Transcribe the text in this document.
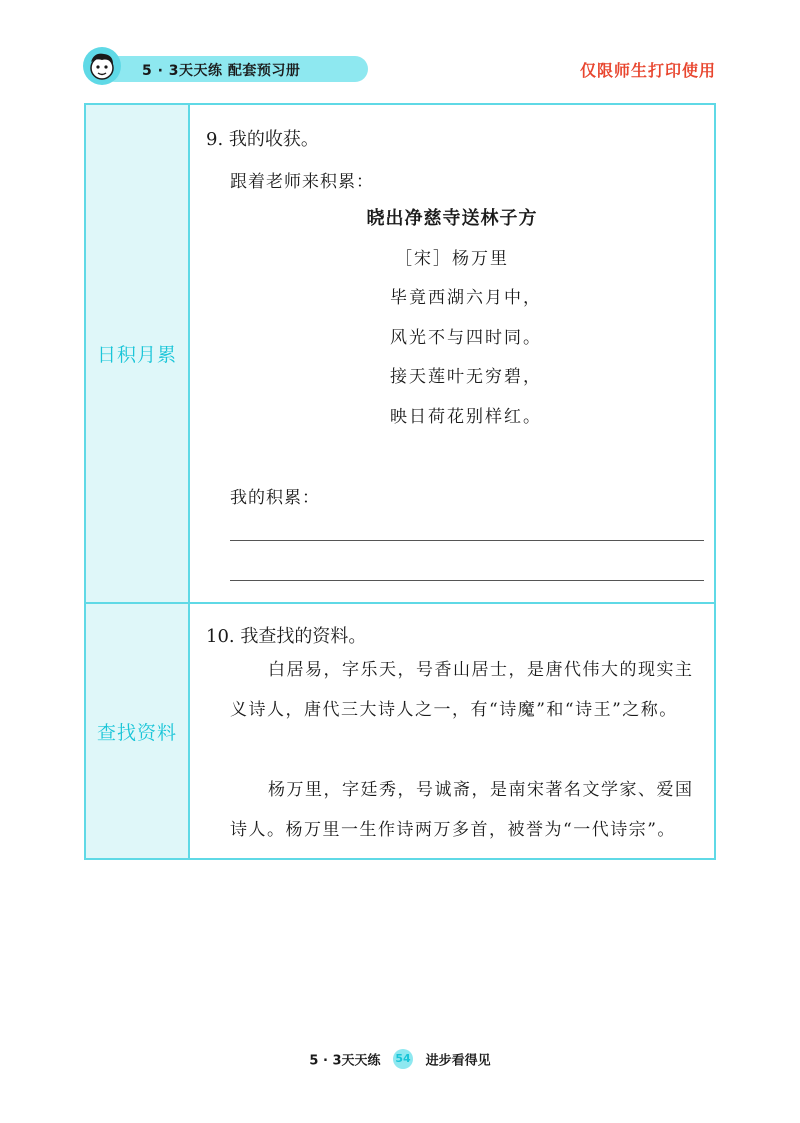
5 · 3天天练 配套预习册	仅限师生打印使用
日积月累
9. 我的收获。
跟着老师来积累：
晓出净慈寺送林子方
［宋］杨万里
毕竟西湖六月中，
风光不与四时同。
接天莲叶无穷碧，
映日荷花别样红。
我的积累：
查找资料
10. 我查找的资料。
白居易，字乐天，号香山居士，是唐代伟大的现实主义诗人，唐代三大诗人之一，有“诗魔”和“诗王”之称。
杨万里，字廷秀，号诚斋，是南宋著名文学家、爱国诗人。杨万里一生作诗两万多首，被誉为“一代诗宗”。
5 · 3天天练 54 进步看得见
